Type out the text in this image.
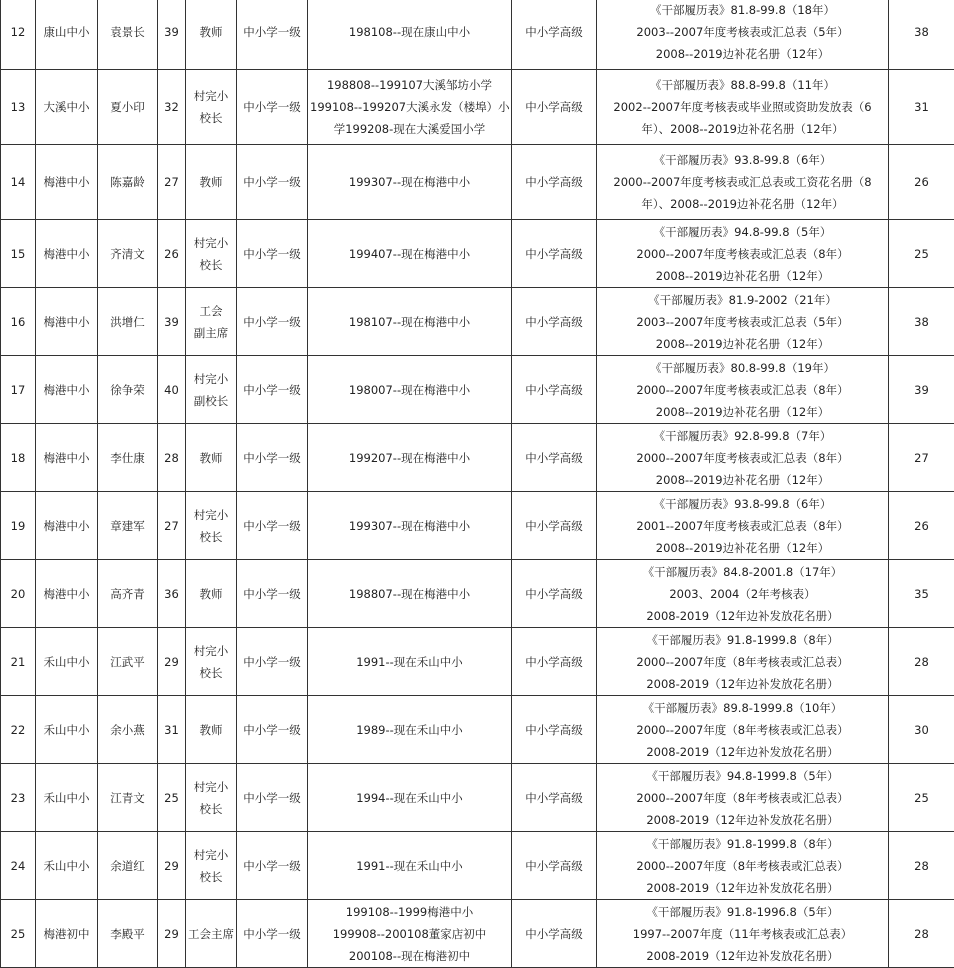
12	康山中小	袁景长	39	教师	中小学一级	198108--现在康山中小	中小学高级	《干部履历表》81.8-99.8（18年）
2003--2007年度考核表或汇总表（5年）
2008--2019边补花名册（12年）	38
13	大溪中小	夏小印	32	村完小
校长	中小学一级	198808--199107大溪邹坊小学
199108--199207大溪永发（楼埠）小
学199208-现在大溪爱国小学	中小学高级	《干部履历表》88.8-99.8（11年）
2002--2007年度考核表或毕业照或资助发放表（6
年）、2008--2019边补花名册（12年）	31
14	梅港中小	陈嘉龄	27	教师	中小学一级	199307--现在梅港中小	中小学高级	《干部履历表》93.8-99.8（6年）
2000--2007年度考核表或汇总表或工资花名册（8
年）、2008--2019边补花名册（12年）	26
15	梅港中小	齐清文	26	村完小
校长	中小学一级	199407--现在梅港中小	中小学高级	《干部履历表》94.8-99.8（5年）
2000--2007年度考核表或汇总表（8年）
2008--2019边补花名册（12年）	25
16	梅港中小	洪增仁	39	工会
副主席	中小学一级	198107--现在梅港中小	中小学高级	《干部履历表》81.9-2002（21年）
2003--2007年度考核表或汇总表（5年）
2008--2019边补花名册（12年）	38
17	梅港中小	徐争荣	40	村完小
副校长	中小学一级	198007--现在梅港中小	中小学高级	《干部履历表》80.8-99.8（19年）
2000--2007年度考核表或汇总表（8年）
2008--2019边补花名册（12年）	39
18	梅港中小	李仕康	28	教师	中小学一级	199207--现在梅港中小	中小学高级	《干部履历表》92.8-99.8（7年）
2000--2007年度考核表或汇总表（8年）
2008--2019边补花名册（12年）	27
19	梅港中小	章建军	27	村完小
校长	中小学一级	199307--现在梅港中小	中小学高级	《干部履历表》93.8-99.8（6年）
2001--2007年度考核表或汇总表（8年）
2008--2019边补花名册（12年）	26
20	梅港中小	高齐青	36	教师	中小学一级	198807--现在梅港中小	中小学高级	《干部履历表》84.8-2001.8（17年）
2003、2004（2年考核表）
2008-2019（12年边补发放花名册）	35
21	禾山中小	江武平	29	村完小
校长	中小学一级	1991--现在禾山中小	中小学高级	《干部履历表》91.8-1999.8（8年）
2000--2007年度（8年考核表或汇总表）
2008-2019（12年边补发放花名册）	28
22	禾山中小	余小燕	31	教师	中小学一级	1989--现在禾山中小	中小学高级	《干部履历表》89.8-1999.8（10年）
2000--2007年度（8年考核表或汇总表）
2008-2019（12年边补发放花名册）	30
23	禾山中小	江青文	25	村完小
校长	中小学一级	1994--现在禾山中小	中小学高级	《干部履历表》94.8-1999.8（5年）
2000--2007年度（8年考核表或汇总表）
2008-2019（12年边补发放花名册）	25
24	禾山中小	余道红	29	村完小
校长	中小学一级	1991--现在禾山中小	中小学高级	《干部履历表》91.8-1999.8（8年）
2000--2007年度（8年考核表或汇总表）
2008-2019（12年边补发放花名册）	28
25	梅港初中	李殿平	29	工会主席	中小学一级	199108--1999梅港中小
199908--200108董家店初中
200108--现在梅港初中	中小学高级	《干部履历表》91.8-1996.8（5年）
1997--2007年度（11年考核表或汇总表）
2008-2019（12年边补发放花名册）	28
